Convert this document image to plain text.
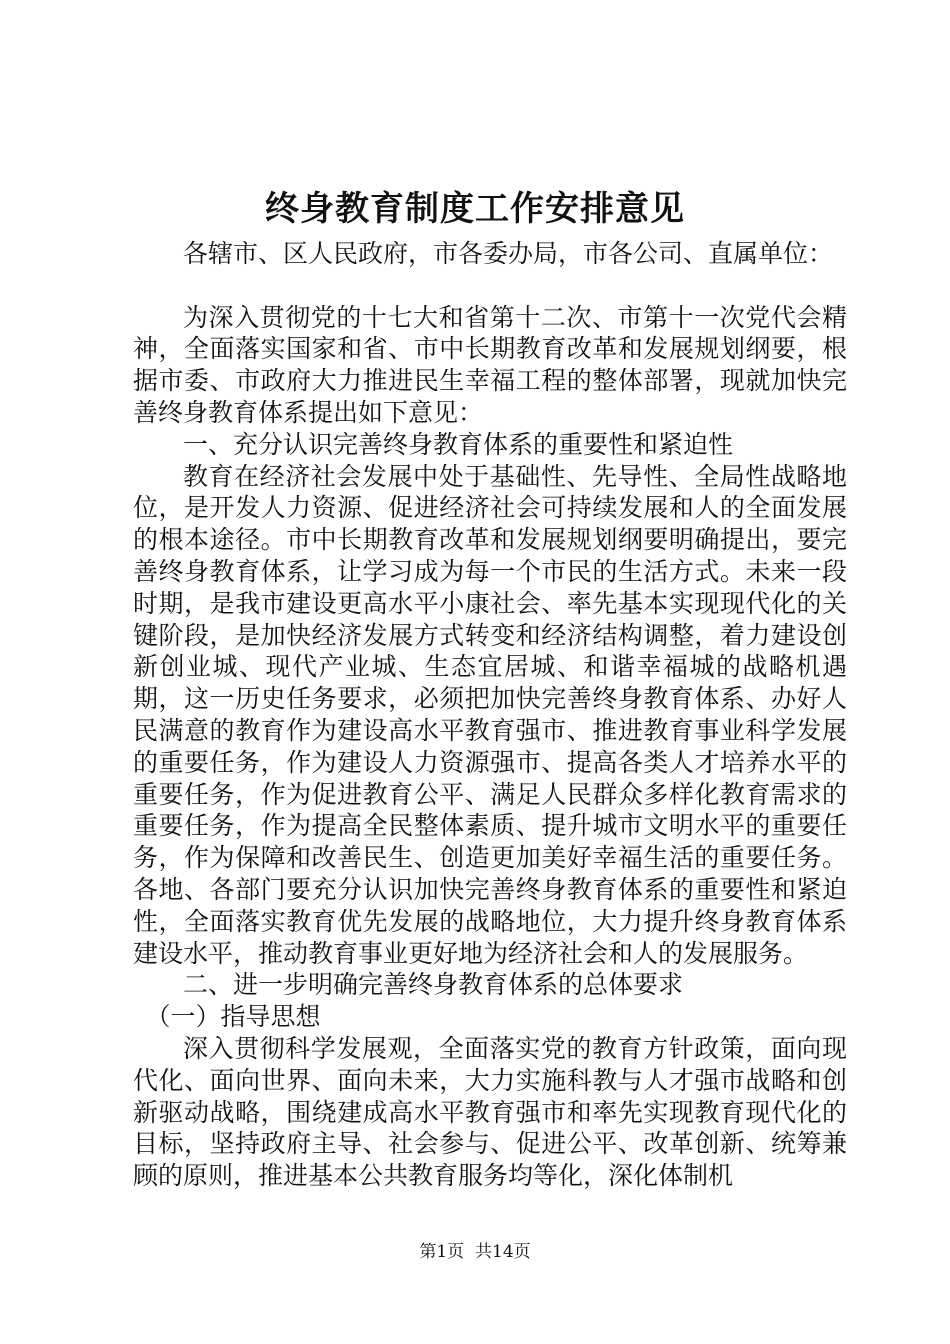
终身教育制度工作安排意见

各辖市、区人民政府，市各委办局，市各公司、直属单位：

为深入贯彻党的十七大和省第十二次、市第十一次党代会精神，全面落实国家和省、市中长期教育改革和发展规划纲要，根据市委、市政府大力推进民生幸福工程的整体部署，现就加快完善终身教育体系提出如下意见：

一、充分认识完善终身教育体系的重要性和紧迫性

教育在经济社会发展中处于基础性、先导性、全局性战略地位，是开发人力资源、促进经济社会可持续发展和人的全面发展的根本途径。市中长期教育改革和发展规划纲要明确提出，要完善终身教育体系，让学习成为每一个市民的生活方式。未来一段时期，是我市建设更高水平小康社会、率先基本实现现代化的关键阶段，是加快经济发展方式转变和经济结构调整，着力建设创新创业城、现代产业城、生态宜居城、和谐幸福城的战略机遇期，这一历史任务要求，必须把加快完善终身教育体系、办好人民满意的教育作为建设高水平教育强市、推进教育事业科学发展的重要任务，作为建设人力资源强市、提高各类人才培养水平的重要任务，作为促进教育公平、满足人民群众多样化教育需求的重要任务，作为提高全民整体素质、提升城市文明水平的重要任务，作为保障和改善民生、创造更加美好幸福生活的重要任务。各地、各部门要充分认识加快完善终身教育体系的重要性和紧迫性，全面落实教育优先发展的战略地位，大力提升终身教育体系建设水平，推动教育事业更好地为经济社会和人的发展服务。

二、进一步明确完善终身教育体系的总体要求

（一）指导思想

深入贯彻科学发展观，全面落实党的教育方针政策，面向现代化、面向世界、面向未来，大力实施科教与人才强市战略和创新驱动战略，围绕建成高水平教育强市和率先实现教育现代化的目标，坚持政府主导、社会参与、促进公平、改革创新、统筹兼顾的原则，推进基本公共教育服务均等化，深化体制机

第1页 共14页
